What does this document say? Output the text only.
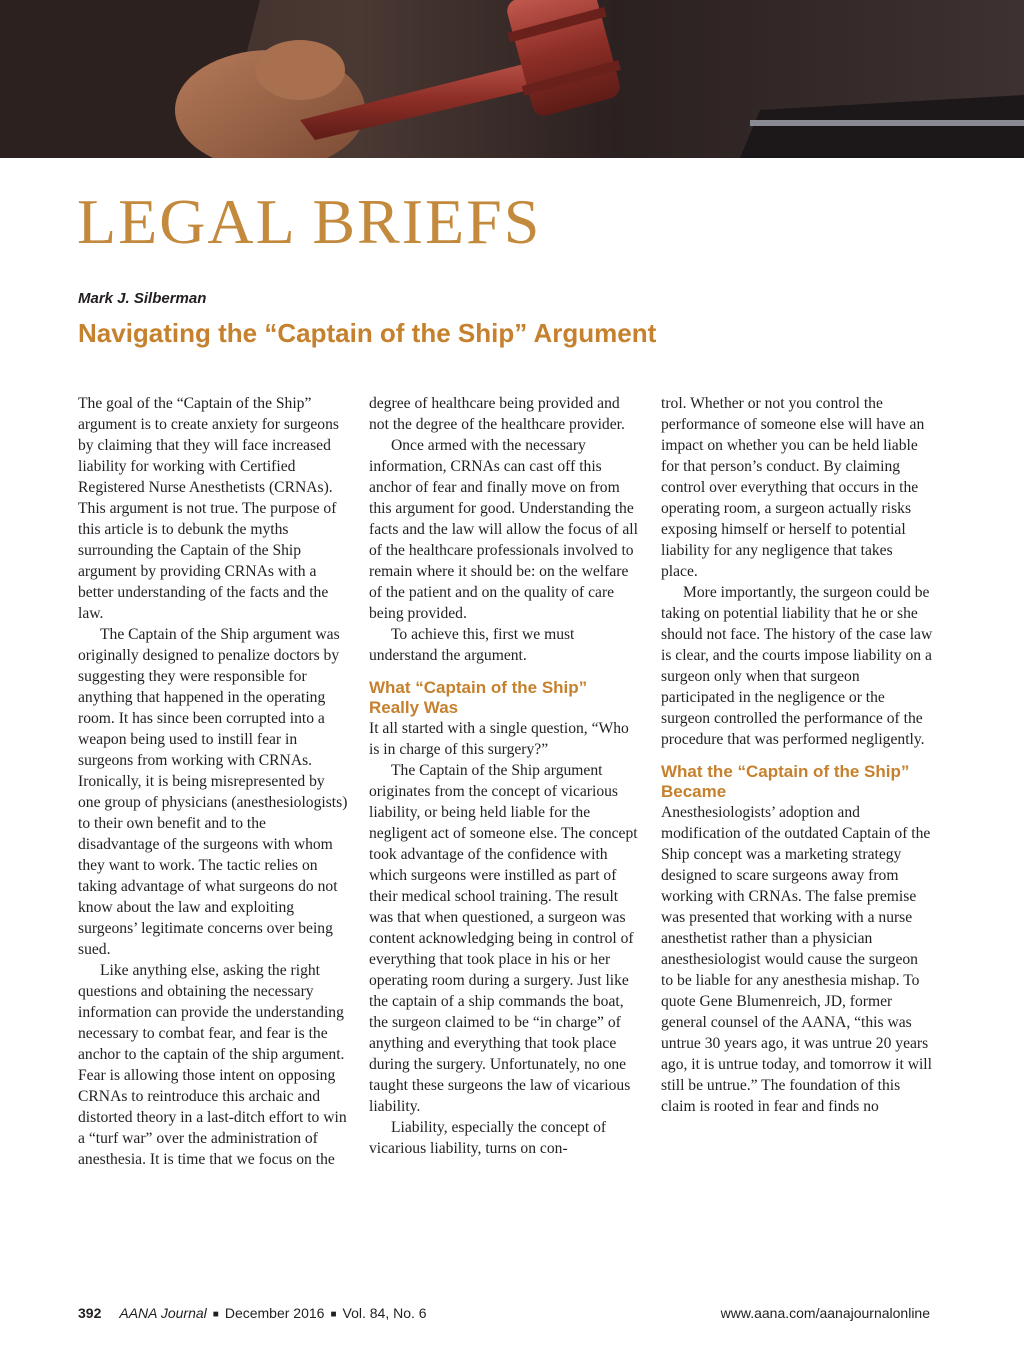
LEGAL BRIEFS
Mark J. Silberman
Navigating the “Captain of the Ship” Argument

The goal of the “Captain of the Ship” argument is to create anxiety for surgeons by claiming that they will face increased liability for working with Certified Registered Nurse Anesthetists (CRNAs). This argument is not true. The purpose of this article is to debunk the myths surrounding the Captain of the Ship argument by providing CRNAs with a better understanding of the facts and the law.

The Captain of the Ship argument was originally designed to penalize doctors by suggesting they were responsible for anything that happened in the operating room. It has since been corrupted into a weapon being used to instill fear in surgeons from working with CRNAs. Ironically, it is being misrepresented by one group of physicians (anesthesiologists) to their own benefit and to the disadvantage of the surgeons with whom they want to work. The tactic relies on taking advantage of what surgeons do not know about the law and exploiting surgeons’ legitimate concerns over being sued.

Like anything else, asking the right questions and obtaining the necessary information can provide the understanding necessary to combat fear, and fear is the anchor to the captain of the ship argument. Fear is allowing those intent on opposing CRNAs to reintroduce this archaic and distorted theory in a last-ditch effort to win a “turf war” over the administration of anesthesia. It is time that we focus on the

degree of healthcare being provided and not the degree of the healthcare provider.

Once armed with the necessary information, CRNAs can cast off this anchor of fear and finally move on from this argument for good. Understanding the facts and the law will allow the focus of all of the healthcare professionals involved to remain where it should be: on the welfare of the patient and on the quality of care being provided.

To achieve this, first we must understand the argument.

What “Captain of the Ship” Really Was

It all started with a single question, “Who is in charge of this surgery?”

The Captain of the Ship argument originates from the concept of vicarious liability, or being held liable for the negligent act of someone else. The concept took advantage of the confidence with which surgeons were instilled as part of their medical school training. The result was that when questioned, a surgeon was content acknowledging being in control of everything that took place in his or her operating room during a surgery. Just like the captain of a ship commands the boat, the surgeon claimed to be “in charge” of anything and everything that took place during the surgery. Unfortunately, no one taught these surgeons the law of vicarious liability.

Liability, especially the concept of vicarious liability, turns on con-

trol. Whether or not you control the performance of someone else will have an impact on whether you can be held liable for that person’s conduct. By claiming control over everything that occurs in the operating room, a surgeon actually risks exposing himself or herself to potential liability for any negligence that takes place.

More importantly, the surgeon could be taking on potential liability that he or she should not face. The history of the case law is clear, and the courts impose liability on a surgeon only when that surgeon participated in the negligence or the surgeon controlled the performance of the procedure that was performed negligently.

What the “Captain of the Ship” Became

Anesthesiologists’ adoption and modification of the outdated Captain of the Ship concept was a marketing strategy designed to scare surgeons away from working with CRNAs. The false premise was presented that working with a nurse anesthetist rather than a physician anesthesiologist would cause the surgeon to be liable for any anesthesia mishap. To quote Gene Blumenreich, JD, former general counsel of the AANA, “this was untrue 30 years ago, it was untrue 20 years ago, it is untrue today, and tomorrow it will still be untrue.” The foundation of this claim is rooted in fear and finds no

392 AANA Journal ■ December 2016 ■ Vol. 84, No. 6	www.aana.com/aanajournalonline
